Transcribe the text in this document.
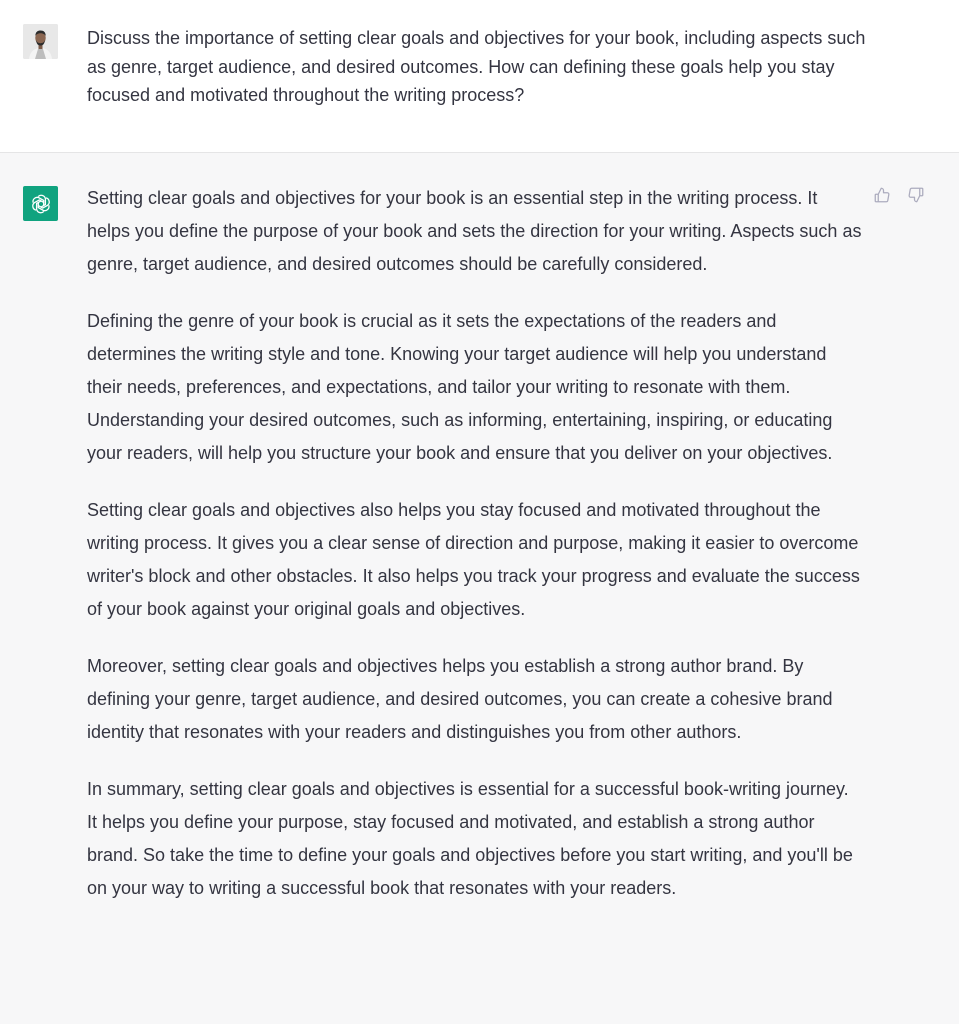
Discuss the importance of setting clear goals and objectives for your book, including aspects such as genre, target audience, and desired outcomes. How can defining these goals help you stay focused and motivated throughout the writing process?

Setting clear goals and objectives for your book is an essential step in the writing process. It helps you define the purpose of your book and sets the direction for your writing. Aspects such as genre, target audience, and desired outcomes should be carefully considered.

Defining the genre of your book is crucial as it sets the expectations of the readers and determines the writing style and tone. Knowing your target audience will help you understand their needs, preferences, and expectations, and tailor your writing to resonate with them. Understanding your desired outcomes, such as informing, entertaining, inspiring, or educating your readers, will help you structure your book and ensure that you deliver on your objectives.

Setting clear goals and objectives also helps you stay focused and motivated throughout the writing process. It gives you a clear sense of direction and purpose, making it easier to overcome writer's block and other obstacles. It also helps you track your progress and evaluate the success of your book against your original goals and objectives.

Moreover, setting clear goals and objectives helps you establish a strong author brand. By defining your genre, target audience, and desired outcomes, you can create a cohesive brand identity that resonates with your readers and distinguishes you from other authors.

In summary, setting clear goals and objectives is essential for a successful book-writing journey. It helps you define your purpose, stay focused and motivated, and establish a strong author brand. So take the time to define your goals and objectives before you start writing, and you'll be on your way to writing a successful book that resonates with your readers.
